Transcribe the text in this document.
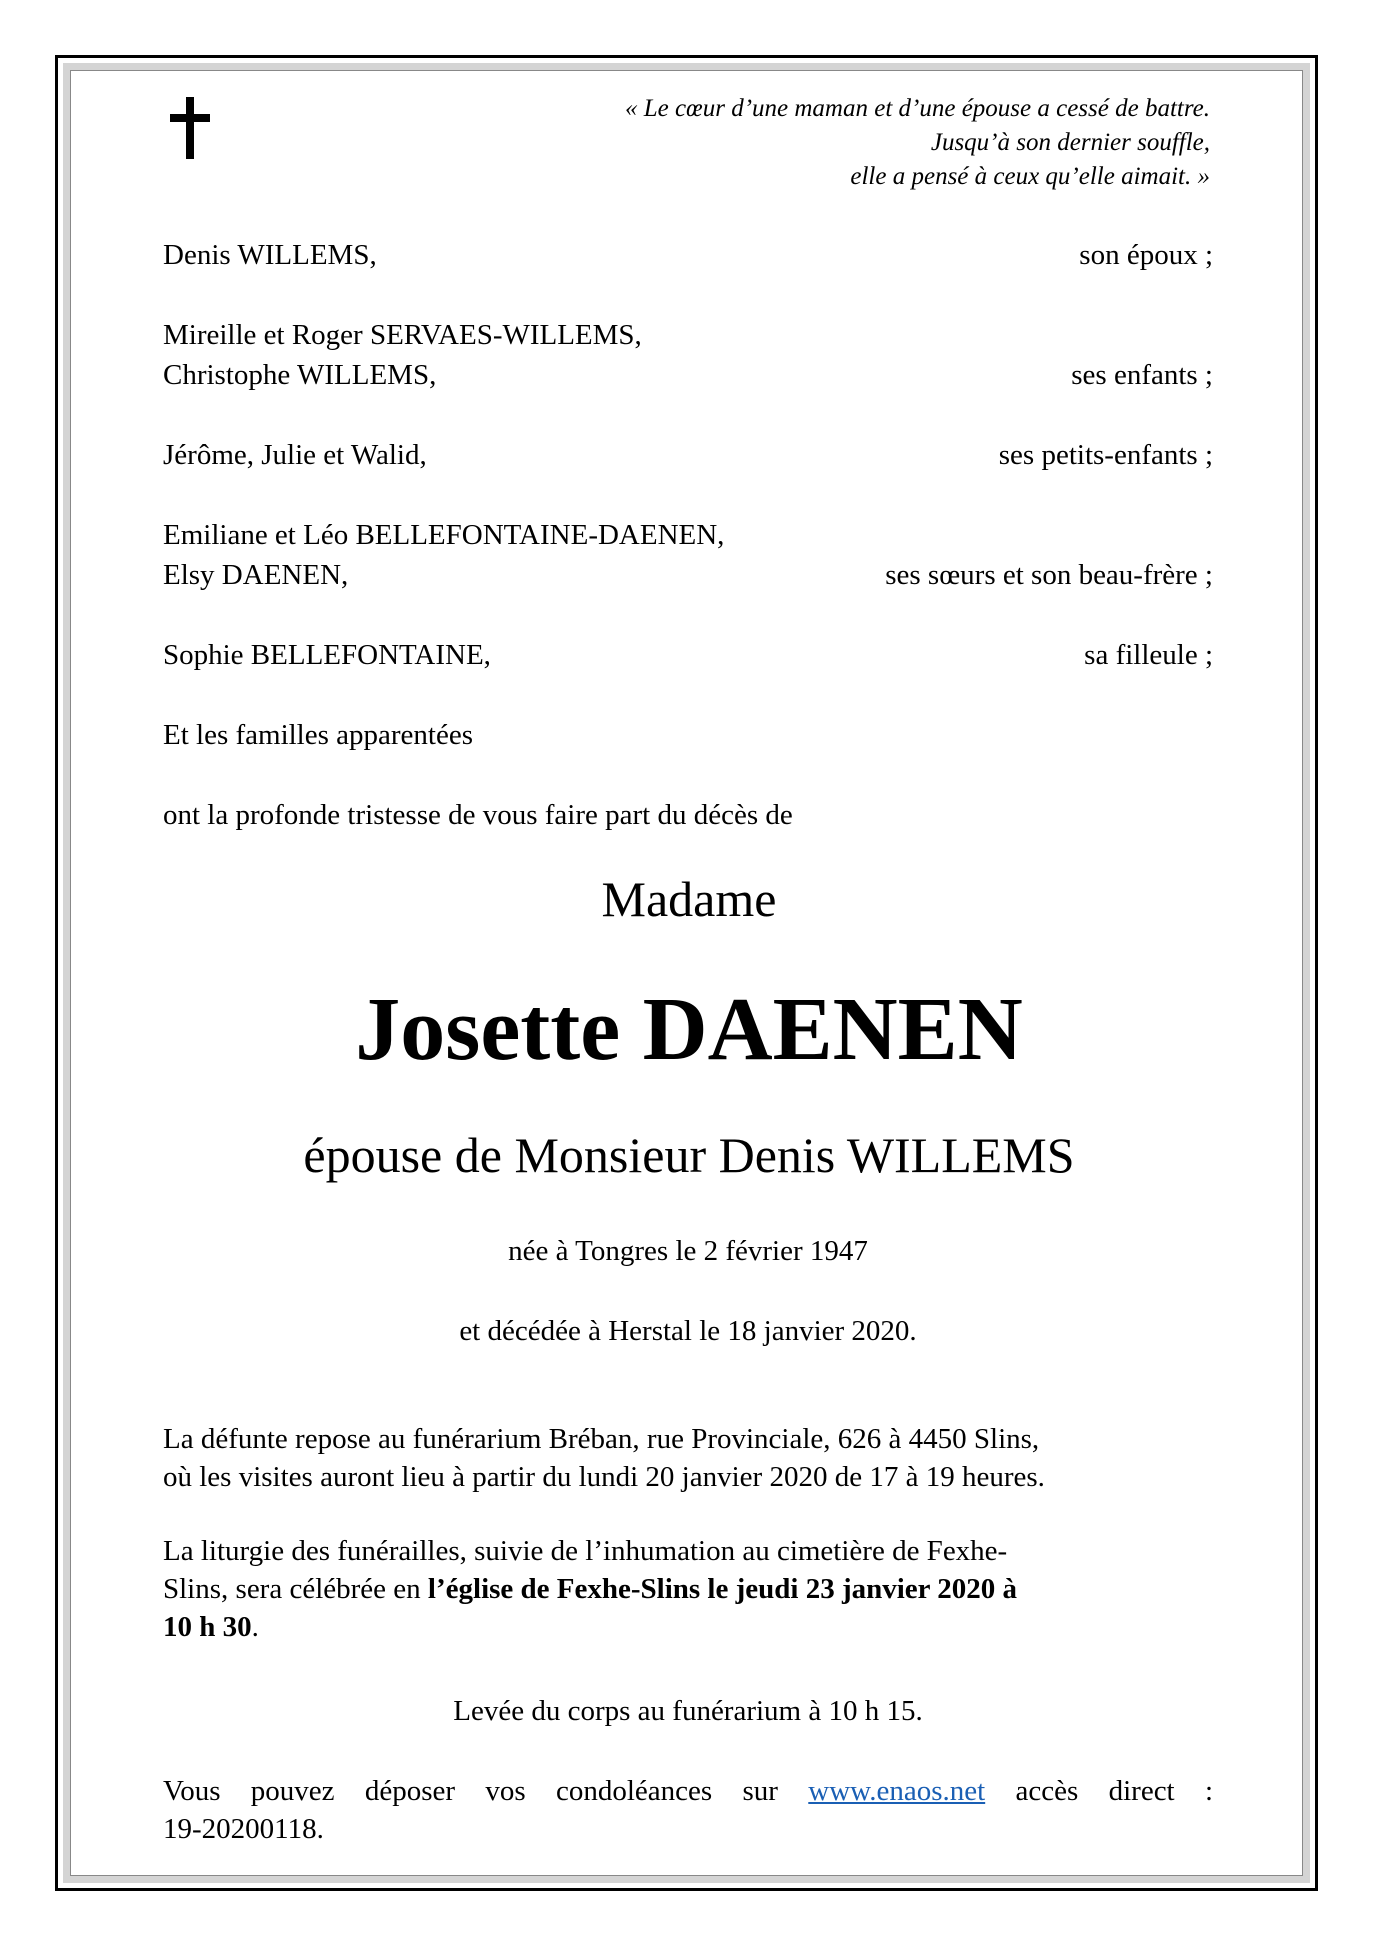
« Le cœur d’une maman et d’une épouse a cessé de battre.
Jusqu’à son dernier souffle,
elle a pensé à ceux qu’elle aimait. »
Denis WILLEMS,	son époux ;
Mireille et Roger SERVAES-WILLEMS,
Christophe WILLEMS,	ses enfants ;
Jérôme, Julie et Walid,	ses petits-enfants ;
Emiliane et Léo BELLEFONTAINE-DAENEN,
Elsy DAENEN,	ses sœurs et son beau-frère ;
Sophie BELLEFONTAINE,	sa filleule ;
Et les familles apparentées
ont la profonde tristesse de vous faire part du décès de
Madame
Josette DAENEN
épouse de Monsieur Denis WILLEMS
née à Tongres le 2 février 1947
et décédée à Herstal le 18 janvier 2020.
La défunte repose au funérarium Bréban, rue Provinciale, 626 à 4450 Slins,
où les visites auront lieu à partir du lundi 20 janvier 2020 de 17 à 19 heures.
La liturgie des funérailles, suivie de l’inhumation au cimetière de Fexhe-
Slins, sera célébrée en l’église de Fexhe-Slins le jeudi 23 janvier 2020 à
10 h 30.
Levée du corps au funérarium à 10 h 15.
Vous pouvez déposer vos condoléances sur www.enaos.net accès direct :
19-20200118.
